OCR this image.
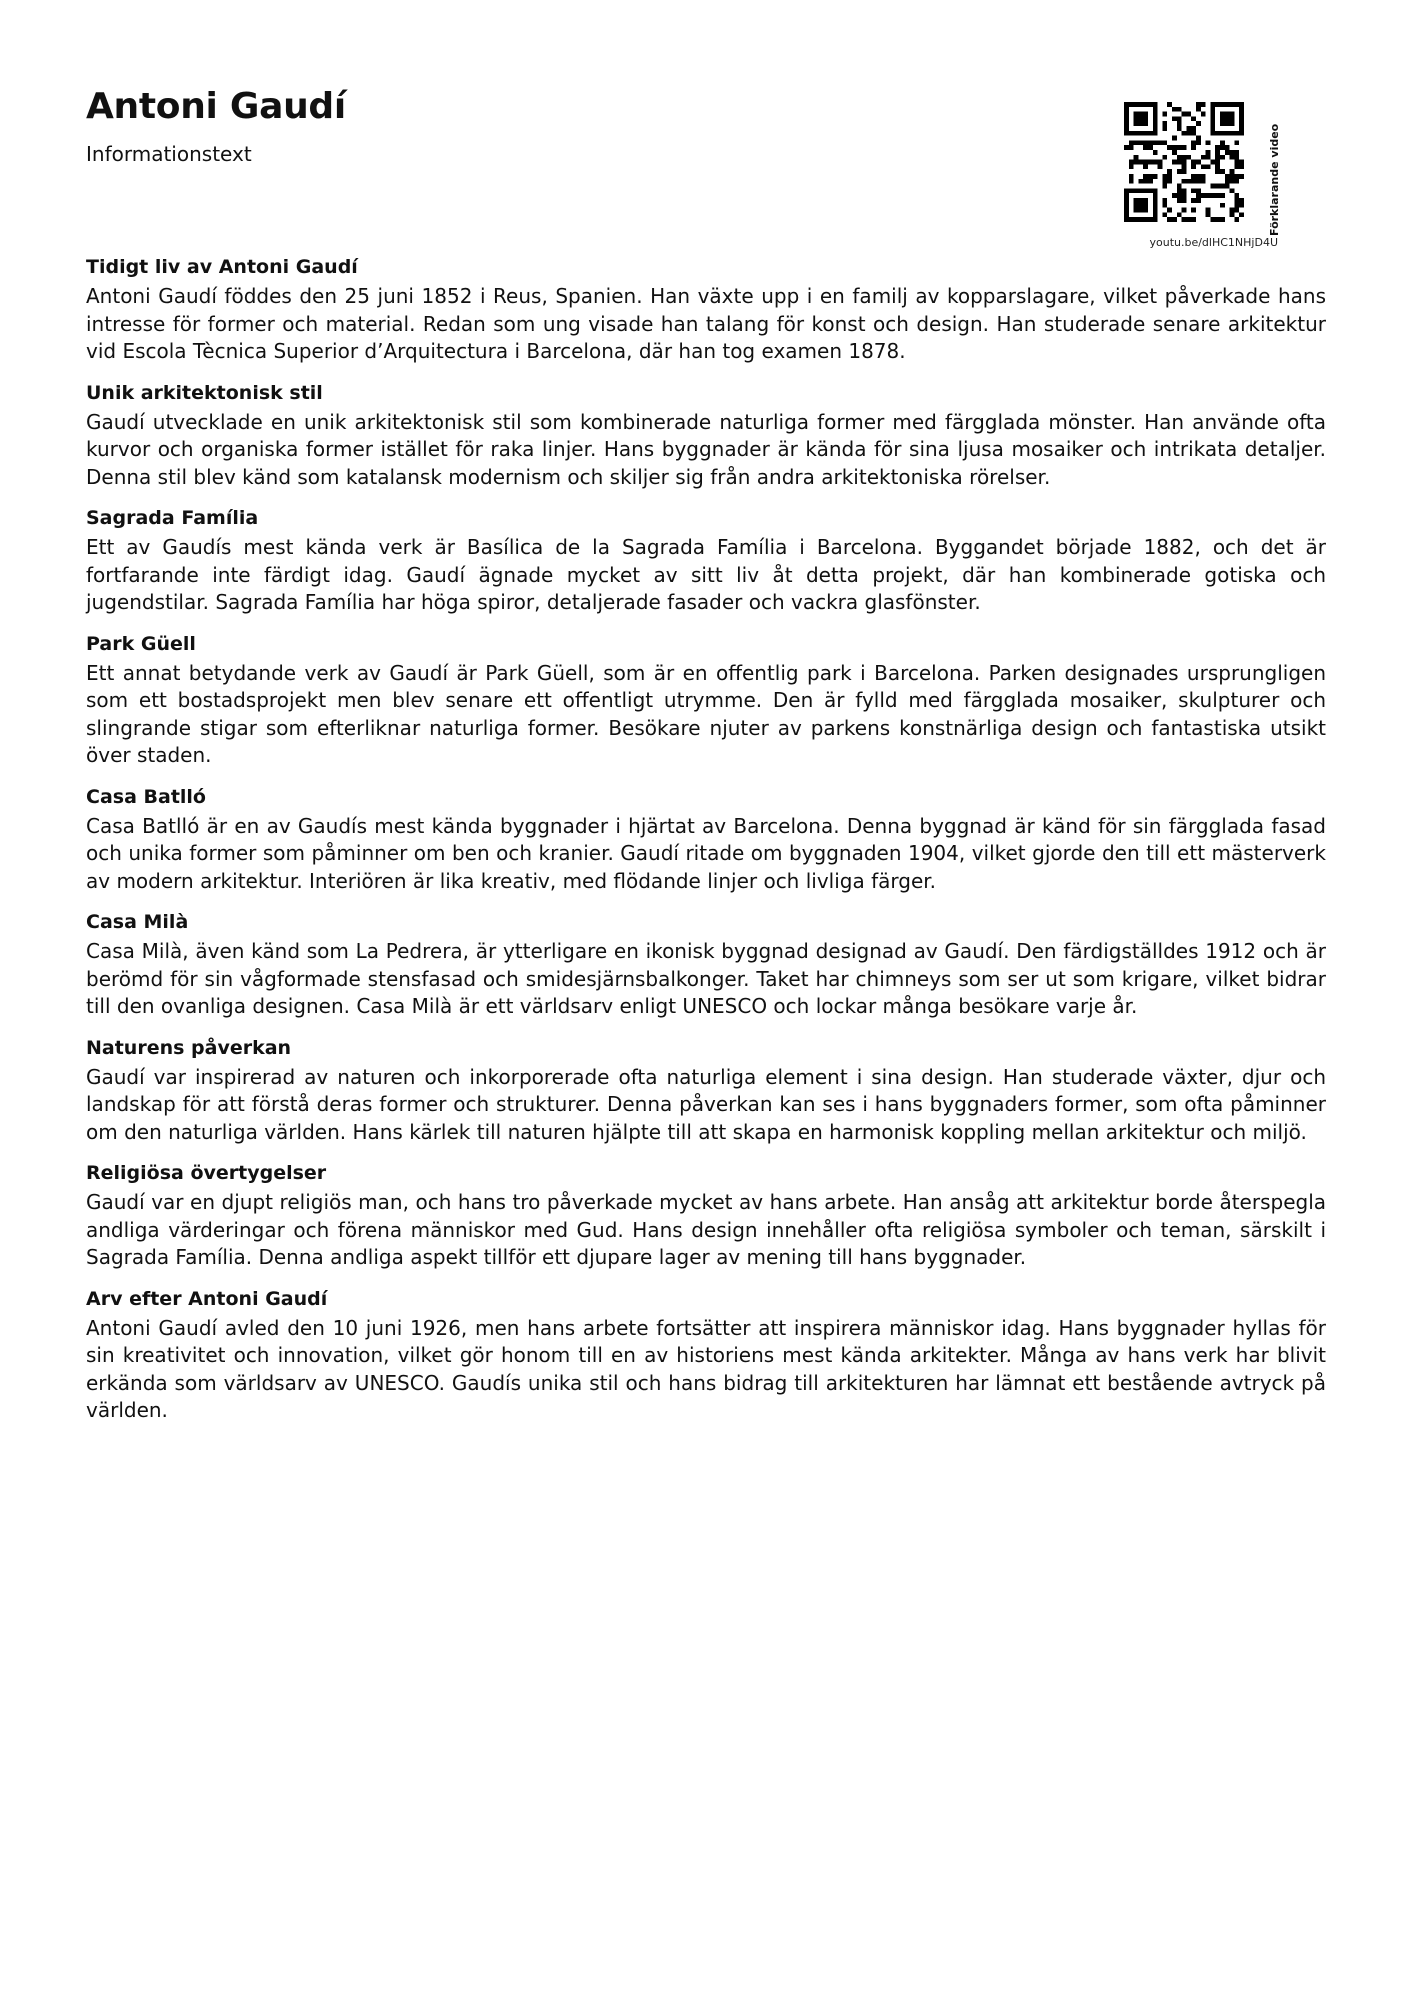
Antoni Gaudí
Informationstext	Förklarande video
youtu.be/dlHC1NHjD4U
Tidigt liv av Antoni Gaudí

Antoni Gaudí föddes den 25 juni 1852 i Reus, Spanien. Han växte upp i en familj av kopparslagare, vilket påverkade hans intresse för former och material. Redan som ung visade han talang för konst och design. Han studerade senare arkitektur vid Escola Tècnica Superior d’Arquitectura i Barcelona, där han tog examen 1878.

Unik arkitektonisk stil

Gaudí utvecklade en unik arkitektonisk stil som kombinerade naturliga former med färgglada mönster. Han använde ofta kurvor och organiska former istället för raka linjer. Hans byggnader är kända för sina ljusa mosaiker och intrikata detaljer. Denna stil blev känd som katalansk modernism och skiljer sig från andra arkitektoniska rörelser.

Sagrada Família

Ett av Gaudís mest kända verk är Basílica de la Sagrada Família i Barcelona. Byggandet började 1882, och det är fortfarande inte färdigt idag. Gaudí ägnade mycket av sitt liv åt detta projekt, där han kombinerade gotiska och jugendstilar. Sagrada Família har höga spiror, detaljerade fasader och vackra glasfönster.

Park Güell

Ett annat betydande verk av Gaudí är Park Güell, som är en offentlig park i Barcelona. Parken designades ursprungligen som ett bostadsprojekt men blev senare ett offentligt utrymme. Den är fylld med färgglada mosaiker, skulpturer och slingrande stigar som efterliknar naturliga former. Besökare njuter av parkens konstnärliga design och fantastiska utsikt över staden.

Casa Batlló

Casa Batlló är en av Gaudís mest kända byggnader i hjärtat av Barcelona. Denna byggnad är känd för sin färgglada fasad och unika former som påminner om ben och kranier. Gaudí ritade om byggnaden 1904, vilket gjorde den till ett mästerverk av modern arkitektur. Interiören är lika kreativ, med flödande linjer och livliga färger.

Casa Milà

Casa Milà, även känd som La Pedrera, är ytterligare en ikonisk byggnad designad av Gaudí. Den färdigställdes 1912 och är berömd för sin vågformade stensfasad och smidesjärnsbalkonger. Taket har chimneys som ser ut som krigare, vilket bidrar till den ovanliga designen. Casa Milà är ett världsarv enligt UNESCO och lockar många besökare varje år.

Naturens påverkan

Gaudí var inspirerad av naturen och inkorporerade ofta naturliga element i sina design. Han studerade växter, djur och landskap för att förstå deras former och strukturer. Denna påverkan kan ses i hans byggnaders former, som ofta påminner om den naturliga världen. Hans kärlek till naturen hjälpte till att skapa en harmonisk koppling mellan arkitektur och miljö.

Religiösa övertygelser

Gaudí var en djupt religiös man, och hans tro påverkade mycket av hans arbete. Han ansåg att arkitektur borde återspegla andliga värderingar och förena människor med Gud. Hans design innehåller ofta religiösa symboler och teman, särskilt i Sagrada Família. Denna andliga aspekt tillför ett djupare lager av mening till hans byggnader.

Arv efter Antoni Gaudí

Antoni Gaudí avled den 10 juni 1926, men hans arbete fortsätter att inspirera människor idag. Hans byggnader hyllas för sin kreativitet och innovation, vilket gör honom till en av historiens mest kända arkitekter. Många av hans verk har blivit erkända som världsarv av UNESCO. Gaudís unika stil och hans bidrag till arkitekturen har lämnat ett bestående avtryck på världen.
